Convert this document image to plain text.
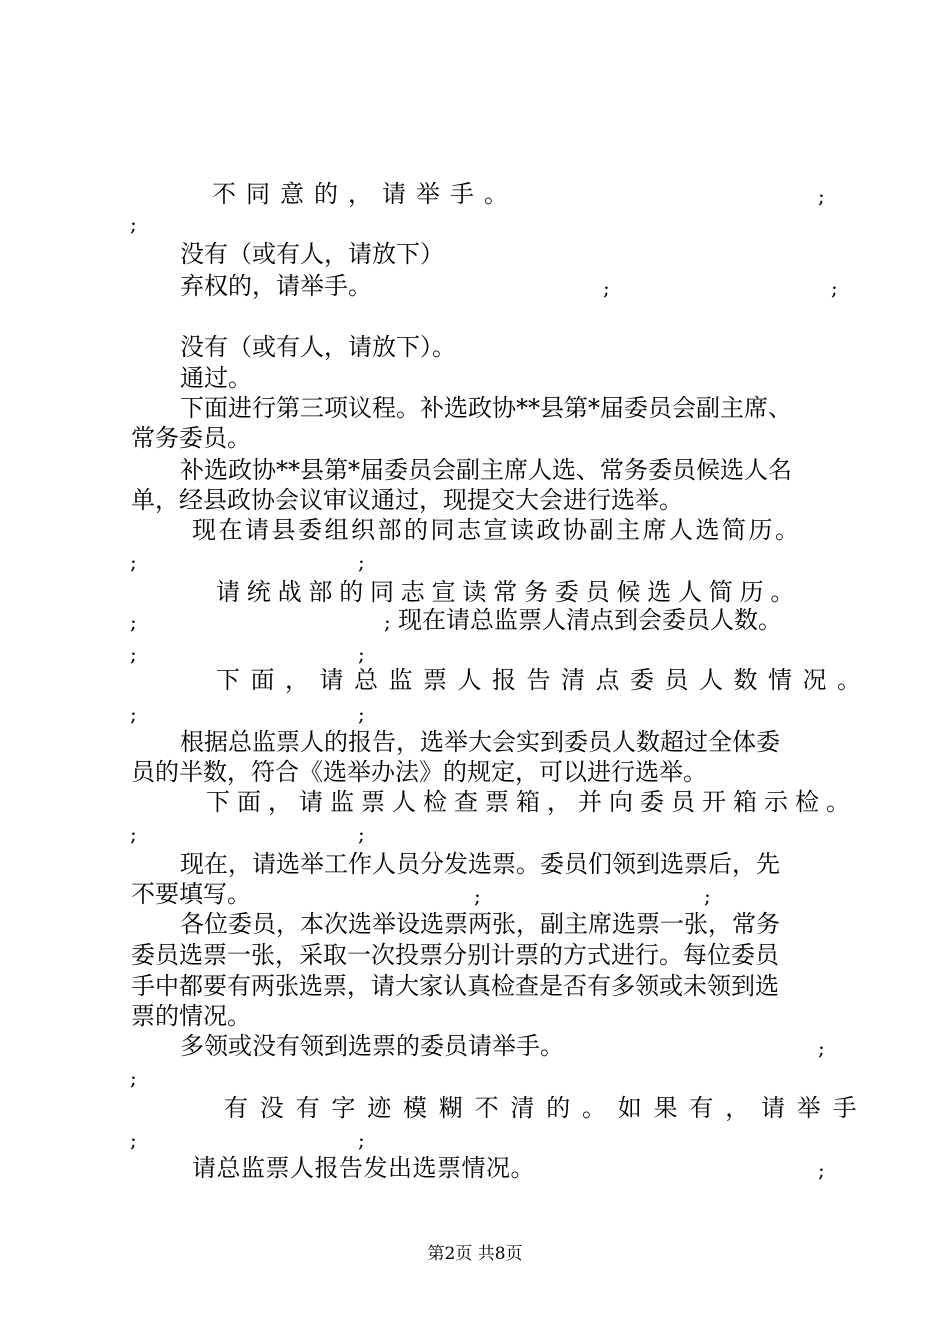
不同意的，请举手。	;
;
没有（或有人，请放下）
弃权的，请举手。	;	;
没有（或有人，请放下）。
通过。
下面进行第三项议程。补选政协**县第*届委员会副主席、
常务委员。
补选政协**县第*届委员会副主席人选、常务委员候选人名
单，经县政协会议审议通过，现提交大会进行选举。
现在请县委组织部的同志宣读政协副主席人选简历。
;	;
请统战部的同志宣读常务委员候选人简历。
;	; 现在请总监票人清点到会委员人数。
;	;
下面，请总监票人报告清点委员人数情况。
;	;
根据总监票人的报告，选举大会实到委员人数超过全体委
员的半数，符合《选举办法》的规定，可以进行选举。
下面，请监票人检查票箱，并向委员开箱示检。
;	;
现在，请选举工作人员分发选票。委员们领到选票后，先
不要填写。	;	;
各位委员，本次选举设选票两张，副主席选票一张，常务
委员选票一张，采取一次投票分别计票的方式进行。每位委员
手中都要有两张选票，请大家认真检查是否有多领或未领到选
票的情况。
多领或没有领到选票的委员请举手。	;
;
有没有字迹模糊不清的。如果有，请举手
;	;
请总监票人报告发出选票情况。	;
第2页 共8页
